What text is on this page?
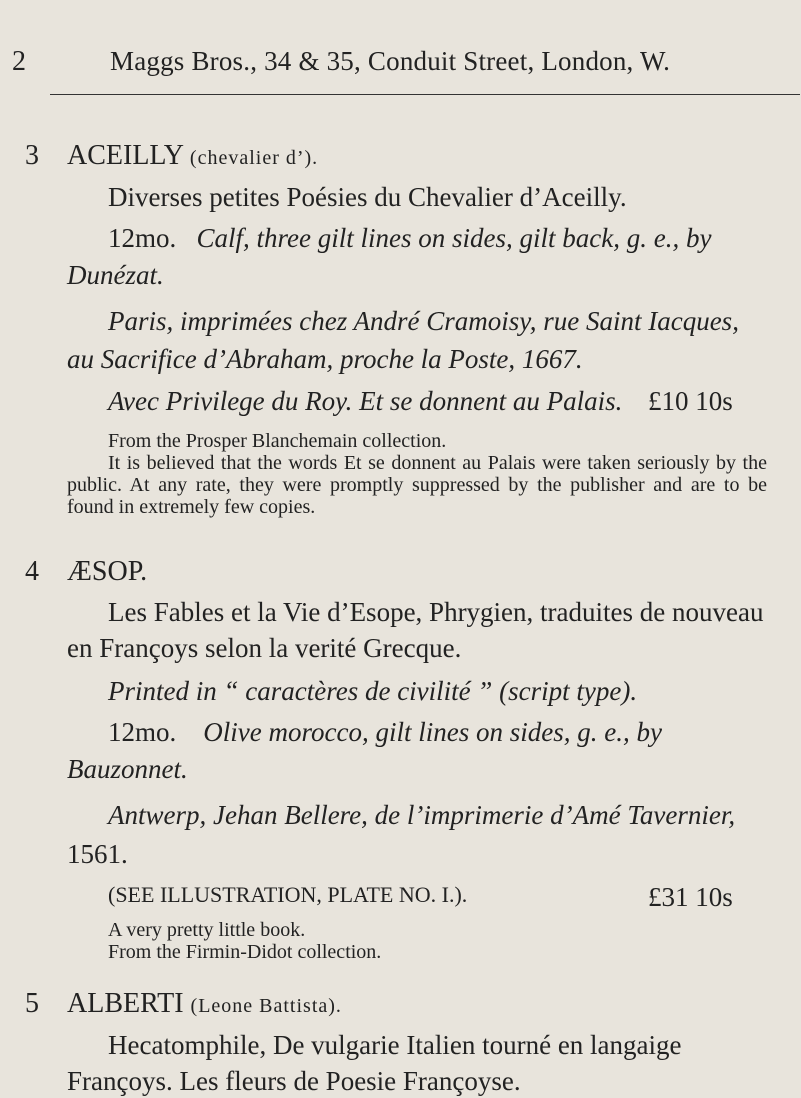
2	Maggs Bros., 34 & 35, Conduit Street, London, W.
3 ACEILLY (chevalier d’).
Diverses petites Poésies du Chevalier d’Aceilly.
12mo. Calf, three gilt lines on sides, gilt back, g. e., by
Dunézat.
Paris, imprimées chez André Cramoisy, rue Saint Iacques,
au Sacrifice d’Abraham, proche la Poste, 1667.
Avec Privilege du Roy. Et se donnent au Palais. £10 10s
From the Prosper Blanchemain collection.

It is believed that the words Et se donnent au Palais were taken seriously by the public. At any rate, they were promptly suppressed by the publisher and are to be found in extremely few copies.

4 ÆSOP.
Les Fables et la Vie d’Esope, Phrygien, traduites de nouveau
en Françoys selon la verité Grecque.
Printed in “ caractères de civilité ” (script type).
12mo. Olive morocco, gilt lines on sides, g. e., by
Bauzonnet.
Antwerp, Jehan Bellere, de l’imprimerie d’Amé Tavernier,
1561.
(SEE ILLUSTRATION, PLATE NO. I.).	£31 10s
A very pretty little book.
From the Firmin-Didot collection.
5 ALBERTI (Leone Battista).
Hecatomphile, De vulgarie Italien tourné en langaige
Françoys. Les fleurs de Poesie Françoyse.
